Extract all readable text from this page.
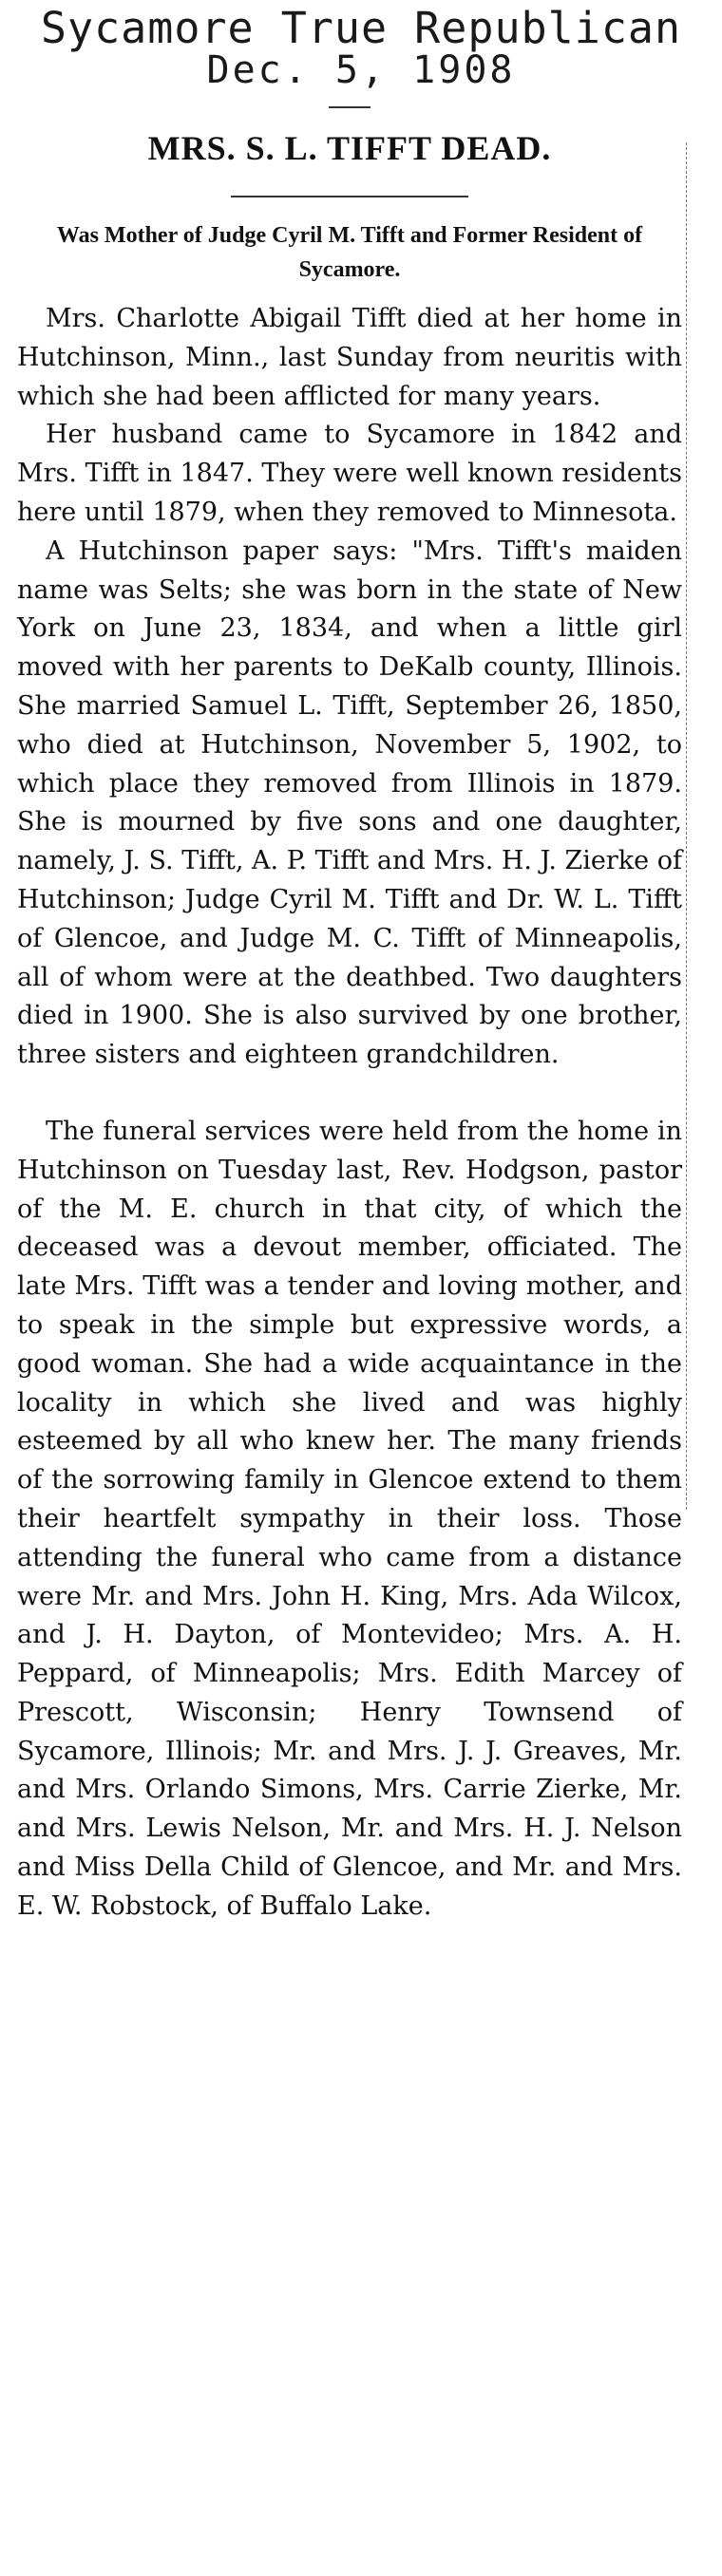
Sycamore True Republican
Dec. 5, 1908
MRS. S. L. TIFFT DEAD.

Was Mother of Judge Cyril M. Tifft and Former Resident of Sycamore.

Mrs. Charlotte Abigail Tifft died at her home in Hutchinson, Minn., last Sunday from neuritis with which she had been afflicted for many years.

Her husband came to Sycamore in 1842 and Mrs. Tifft in 1847. They were well known residents here until 1879, when they removed to Minnesota.

A Hutchinson paper says: "Mrs. Tifft's maiden name was Selts; she was born in the state of New York on June 23, 1834, and when a little girl moved with her parents to DeKalb county, Illinois. She married Samuel L. Tifft, September 26, 1850, who died at Hutchinson, November 5, 1902, to which place they removed from Illinois in 1879. She is mourned by five sons and one daughter, namely, J. S. Tifft, A. P. Tifft and Mrs. H. J. Zierke of Hutchinson; Judge Cyril M. Tifft and Dr. W. L. Tifft of Glencoe, and Judge M. C. Tifft of Minneapolis, all of whom were at the deathbed. Two daughters died in 1900. She is also survived by one brother, three sisters and eighteen grandchildren.

The funeral services were held from the home in Hutchinson on Tuesday last, Rev. Hodgson, pastor of the M. E. church in that city, of which the deceased was a devout member, officiated. The late Mrs. Tifft was a tender and loving mother, and to speak in the simple but expressive words, a good woman. She had a wide acquaintance in the locality in which she lived and was highly esteemed by all who knew her. The many friends of the sorrowing family in Glencoe extend to them their heartfelt sympathy in their loss. Those attending the funeral who came from a distance were Mr. and Mrs. John H. King, Mrs. Ada Wilcox, and J. H. Dayton, of Montevideo; Mrs. A. H. Peppard, of Minneapolis; Mrs. Edith Marcey of Prescott, Wisconsin; Henry Townsend of Sycamore, Illinois; Mr. and Mrs. J. J. Greaves, Mr. and Mrs. Orlando Simons, Mrs. Carrie Zierke, Mr. and Mrs. Lewis Nelson, Mr. and Mrs. H. J. Nelson and Miss Della Child of Glencoe, and Mr. and Mrs. E. W. Robstock, of Buffalo Lake.
